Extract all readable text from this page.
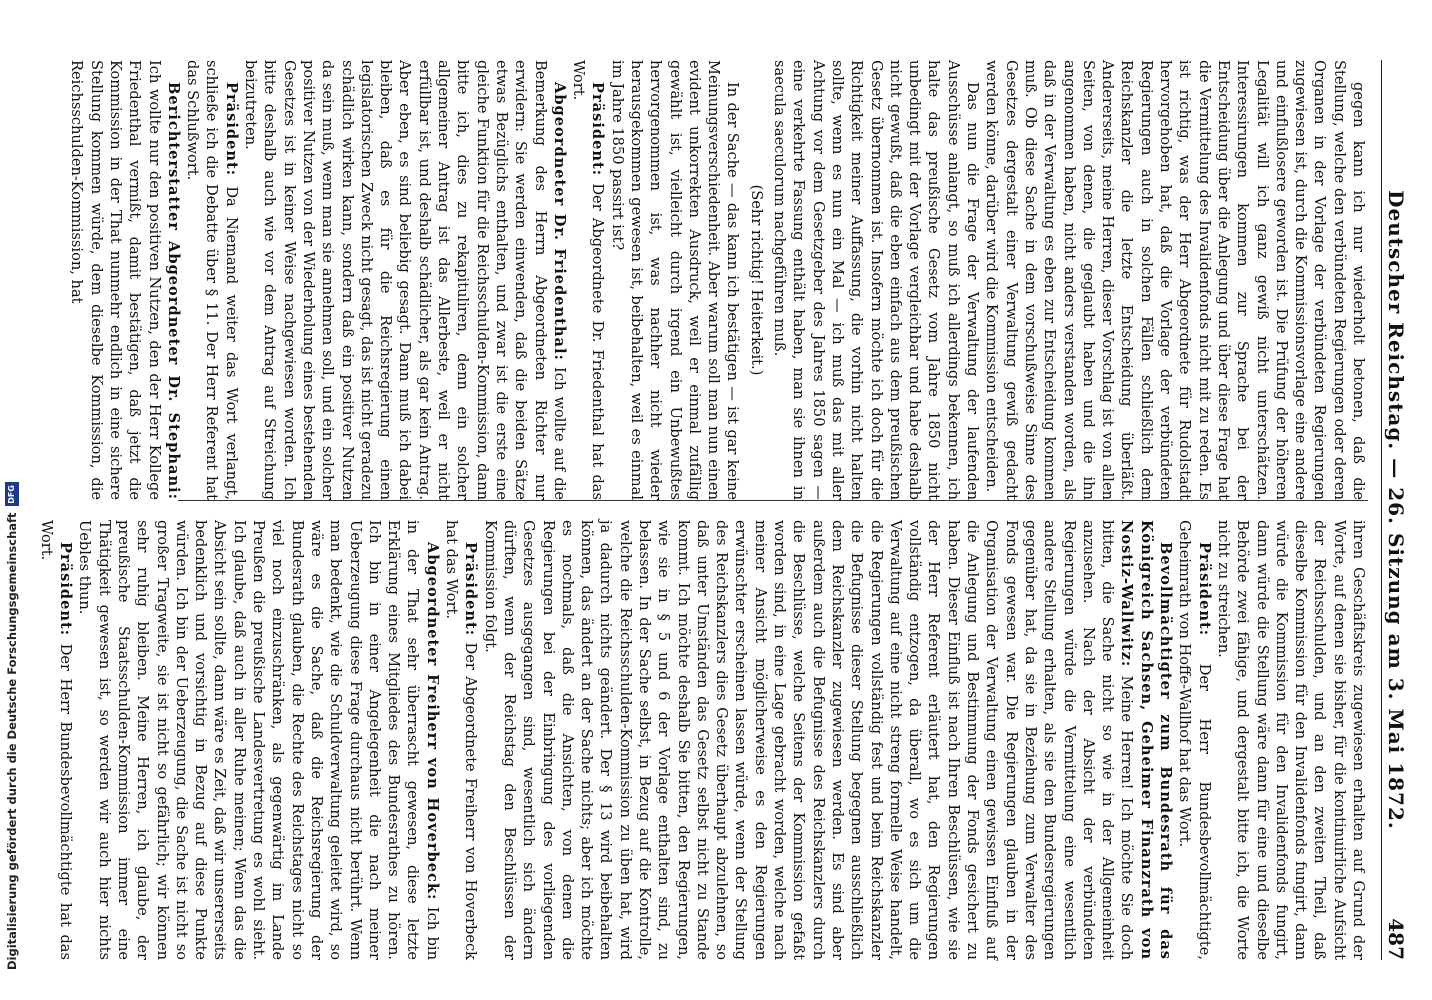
Deutscher Reichstag. — 26. Sitzung am 3. Mai 1872.
487

gegen kann ich nur wiederholt betonen, daß die Stellung, welche den verbündeten Regierungen oder deren Organen in der Vorlage der verbündeten Regierungen zugewiesen ist, durch die Kommissionsvorlage eine andere und einflußlosere geworden ist. Die Prüfung der höheren Legalität will ich ganz gewiß nicht unterschätzen. Interessirungen kommen zur Sprache bei der Entscheidung über die Anlegung und über diese Frage hat die Vermittelung des Invalidenfonds nicht mit zu reden. Es ist richtig, was der Herr Abgeordnete für Rudolstadt hervorgehoben hat, daß die Vorlage der verbündeten Regierungen auch in solchen Fällen schließlich dem Reichskanzler die letzte Entscheidung überläßt. Andererseits, meine Herren, dieser Vorschlag ist von allen Seiten, von denen, die geglaubt haben und die ihn angenommen haben, nicht anders verstanden worden, als daß in der Verwaltung es eben zur Entscheidung kommen muß. Ob diese Sache in dem vorschußweise Sinne des Gesetzes dergestalt einer Verwaltung gewiß gedacht werden könne, darüber wird die Kommission entscheiden.

Das nun die Frage der Verwaltung der laufenden Ausschüsse anlangt, so muß ich allerdings bekennen, ich halte das preußische Gesetz vom Jahre 1850 nicht unbedingt mit der Vorlage vergleichbar und habe deshalb nicht gewußt, daß die eben einfach aus dem preußischen Gesetz übernommen ist. Insofern möchte ich doch für die Richtigkeit meiner Auffassung, die vorhin nicht halten sollte, wenn es nun ein Mal — ich muß das mit aller Achtung vor dem Gesetzgeber des Jahres 1850 sagen — eine verkehrte Fassung enthält haben, man sie ihnen in saecula saeculorum nachgeführen muß.

(Sehr richtig! Heiterkeit.)

In der Sache — das kann ich bestätigen — ist gar keine Meinungsverschiedenheit. Aber warum soll man nun einen evident unkorrekten Ausdruck, weil er einmal zufällig gewählt ist, vielleicht durch irgend ein Unbewußtes hervorgenommen ist, was nachher nicht wieder herausgekommen gewesen ist, beibehalten, weil es einmal im Jahre 1850 passirt ist?

Präsident: Der Abgeordnete Dr. Friedenthal hat das Wort.

Abgeordneter Dr. Friedenthal: Ich wollte auf die Bemerkung des Herrn Abgeordneten Richter nur erwidern: Sie werden einwenden, daß die beiden Sätze etwas Bezüglichs enthalten, und zwar ist die erste eine gleiche Funktion für die Reichsschulden-Kommission, dann bitte ich, dies zu rekapituliren, denn ein solcher allgemeiner Antrag ist das Allerbeste, weil er nicht erfüllbar ist, und deshalb schädlicher, als gar kein Antrag. Aber eben, es sind beliebig gesagt. Dann muß ich dabei bleiben, daß es für die Reichsregierung einen legislatorischen Zweck nicht gesagt, das ist nicht geradezu schädlich wirken kann, sondern daß ein positiver Nutzen da sein muß, wenn man sie annehmen soll, und ein solcher positiver Nutzen von der Wiederholung eines bestehenden Gesetzes ist in keiner Weise nachgewiesen worden. Ich bitte deshalb auch wie vor dem Antrag auf Streichung beizutreten.

Präsident: Da Niemand weiter das Wort verlangt, schließe ich die Debatte über § 11. Der Herr Referent hat das Schlußwort.

Berichterstatter Abgeordneter Dr. Stephani: Ich wollte nur den positiven Nutzen, den der Herr Kollege Friedenthal vermißt, damit bestätigen, daß jetzt die Kommission in der That nunmehr endlich in eine sichere Stellung kommen würde, dem dieselbe Kommission, die Reichsschulden-Kommission, hat

ihren Geschäftskreis zugewiesen erhalten auf Grund der Worte, auf denen sie bisher, für die kontinuirliche Aufsicht der Reichsschulden, und an den zweiten Theil, daß dieselbe Kommission für den Invalidenfonds fungirt, dann würde die Kommission für den Invalidenfonds fungirt, dann würde die Stellung wäre dann für eine und dieselbe Behörde zwei fähige, und dergestalt bitte ich, die Worte nicht zu streichen.

Präsident: Der Herr Bundesbevollmächtigte, Geheimrath von Hoffe-Wallhof hat das Wort.

Bevollmächtigter zum Bundesrath für das Königreich Sachsen, Geheimer Finanzrath von Nostiz-Wallwitz: Meine Herren! Ich möchte Sie doch bitten, die Sache nicht so wie in der Allgemeinheit anzusehen. Nach der Absicht der verbündeten Regierungen würde die Vermittelung eine wesentlich andere Stellung erhalten, als sie den Bundesregierungen gegenüber hat, da sie in Beziehung zum Verwalter des Fonds gewesen war. Die Regierungen glauben in der Organisation der Verwaltung einen gewissen Einfluß auf die Anlegung und Bestimmung der Fonds gesichert zu haben. Dieser Einfluß ist nach Ihren Beschlüssen, wie sie der Herr Referent erläutert hat, den Regierungen vollständig entzogen, da überall, wo es sich um die Verwaltung auf eine nicht streng formelle Weise handelt, die Regierungen vollständig fest und beim Reichskanzler die Befugnisse dieser Stellung begegnen ausschließlich dem Reichskanzler zugewiesen werden. Es sind aber außerdem auch die Befugnisse des Reichskanzlers durch die Beschlüsse, welche Seitens der Kommission gefaßt worden sind, in eine Lage gebracht worden, welche nach meiner Ansicht möglicherweise es den Regierungen erwünschter erscheinen lassen würde, wenn der Stellung des Reichskanzlers dies Gesetz überhaupt abzulehnen, so daß unter Umständen das Gesetz selbst nicht zu Stande kommt. Ich möchte deshalb Sie bitten, den Regierungen, wie sie in § 5 und 6 der Vorlage enthalten sind, zu belassen. In der Sache selbst, in Bezug auf die Kontrolle, welche die Reichsschulden-Kommission zu üben hat, wird ja dadurch nichts geändert. Der § 13 wird beibehalten können, das ändert an der Sache nichts; aber ich möchte es nochmals, daß die Ansichten, von denen die Regierungen bei der Einbringung des vorliegenden Gesetzes ausgegangen sind, wesentlich sich ändern dürften, wenn der Reichstag den Beschlüssen der Kommission folgt.

Präsident: Der Abgeordnete Freiherr von Hoverbeck hat das Wort.

Abgeordneter Freiherr von Hoverbeck: Ich bin in der That sehr überrascht gewesen, diese letzte Erklärung eines Mitgliedes des Bundesrathes zu hören. Ich bin in einer Angelegenheit die nach meiner Ueberzeugung diese Frage durchaus nicht berührt. Wenn man bedenkt, wie die Schuldverwaltung geleitet wird, so wäre es die Sache, daß die Reichsregierung der Bundesrath glauben, die Rechte des Reichstages nicht so viel noch einzuschränken, als gegenwärtig im Lande Preußen die preußische Landesvertretung es wohl sieht. Ich glaube, daß auch in aller Ruhe meinen; Wenn das die Absicht sein sollte, dann wäre es Zeit, daß wir unsererseits bedenklich und vorsichtig in Bezug auf diese Punkte würden. Ich bin der Ueberzeugung, die Sache ist nicht so großer Tragweite, sie ist nicht so gefährlich; wir können sehr ruhig bleiben. Meine Herren, ich glaube, der preußische Staatsschulden-Kommission immer eine Thätigkeit gewesen ist, so werden wir auch hier nichts Uebles thun.

Präsident: Der Herr Bundesbevollmächtigte hat das Wort.

Digitalisierung gefördert durch die Deutsche Forschungsgemeinschaft
DFG
